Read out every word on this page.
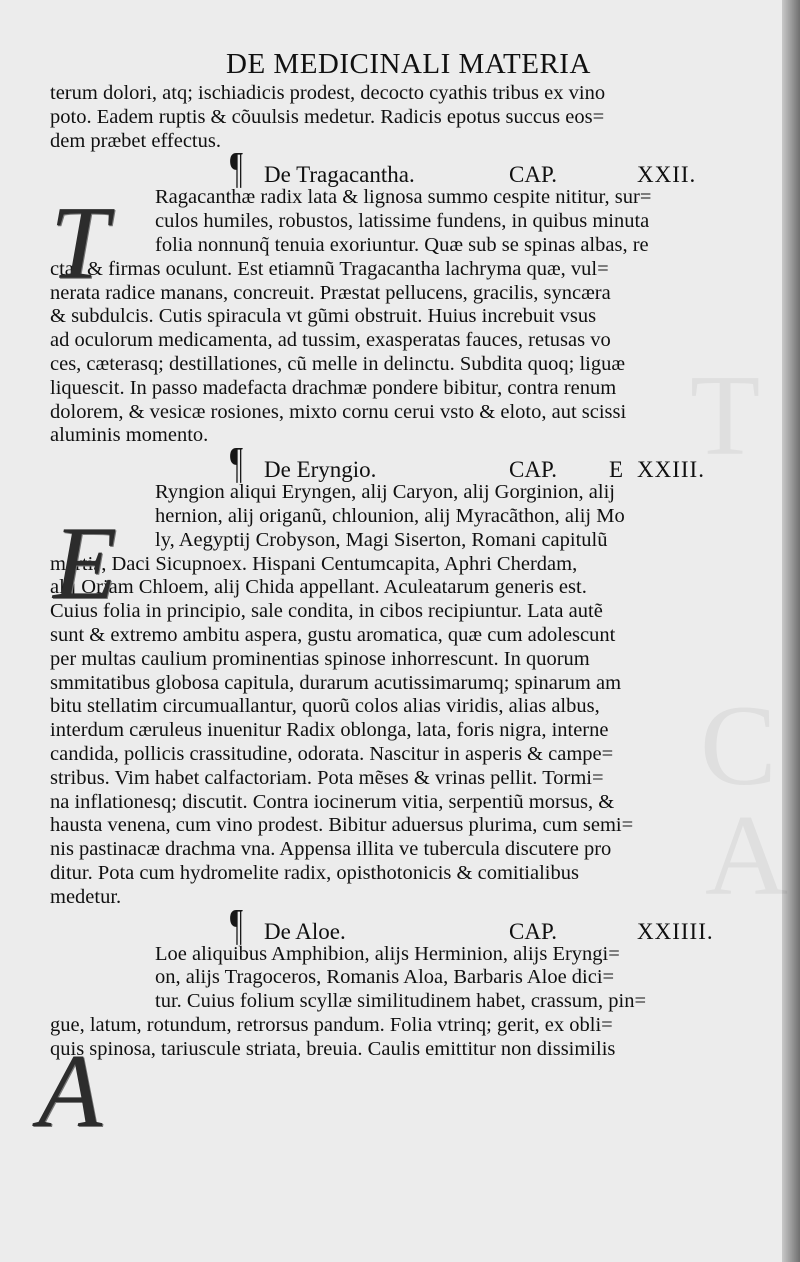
T
C
A
DE MEDICINALI MATERIA
terum dolori, atq; ischiadicis prodest, decocto cyathis tribus ex vino
poto. Eadem ruptis & cõuulsis medetur. Radicis epotus succus eos=
dem præbet effectus.
¶ De Tragacantha.	CAP.	XXII.
Ragacanthæ radix lata & lignosa summo cespite nititur, sur=
culos humiles, robustos, latissime fundens, in quibus minuta
folia nonnunq̃ tenuia exoriuntur. Quæ sub se spinas albas, re
ctas & firmas oculunt. Est etiamnũ Tragacantha lachryma quæ, vul=
nerata radice manans, concreuit. Præstat pellucens, gracilis, syncæra
& subdulcis. Cutis spiracula vt gũmi obstruit. Huius increbuit vsus
ad oculorum medicamenta, ad tussim, exasperatas fauces, retusas vo
ces, cæterasq; destillationes, cũ melle in delinctu. Subdita quoq; liguæ
liquescit. In passo madefacta drachmæ pondere bibitur, contra renum
dolorem, & vesicæ rosiones, mixto cornu cerui vsto & eloto, aut scissi
aluminis momento.
¶ De Eryngio.	CAP.	E XXIII.
Ryngion aliqui Eryngen, alij Caryon, alij Gorginion, alij
hernion, alij origanũ, chlounion, alij Myracãthon, alij Mo
ly, Aegyptij Crobyson, Magi Siserton, Romani capitulũ
martis, Daci Sicupnoex. Hispani Centumcapita, Aphri Cherdam,
alij Oriam Chloem, alij Chida appellant. Aculeatarum generis est.
Cuius folia in principio, sale condita, in cibos recipiuntur. Lata autẽ
sunt & extremo ambitu aspera, gustu aromatica, quæ cum adolescunt
per multas caulium prominentias spinose inhorrescunt. In quorum
smmitatibus globosa capitula, durarum acutissimarumq; spinarum am
bitu stellatim circumuallantur, quorũ colos alias viridis, alias albus,
interdum cæruleus inuenitur Radix oblonga, lata, foris nigra, interne
candida, pollicis crassitudine, odorata. Nascitur in asperis & campe=
stribus. Vim habet calfactoriam. Pota mẽses & vrinas pellit. Tormi=
na inflationesq; discutit. Contra iocinerum vitia, serpentiũ morsus, &
hausta venena, cum vino prodest. Bibitur aduersus plurima, cum semi=
nis pastinacæ drachma vna. Appensa illita ve tubercula discutere pro
ditur. Pota cum hydromelite radix, opisthotonicis & comitialibus
medetur.
¶ De Aloe.	CAP.	XXIIII.
Loe aliquibus Amphibion, alijs Herminion, alijs Eryngi=
on, alijs Tragoceros, Romanis Aloa, Barbaris Aloe dici=
tur. Cuius folium scyllæ similitudinem habet, crassum, pin=
gue, latum, rotundum, retrorsus pandum. Folia vtrinq; gerit, ex obli=
quis spinosa, tariuscule striata, breuia. Caulis emittitur non dissimilis
T
E
A
